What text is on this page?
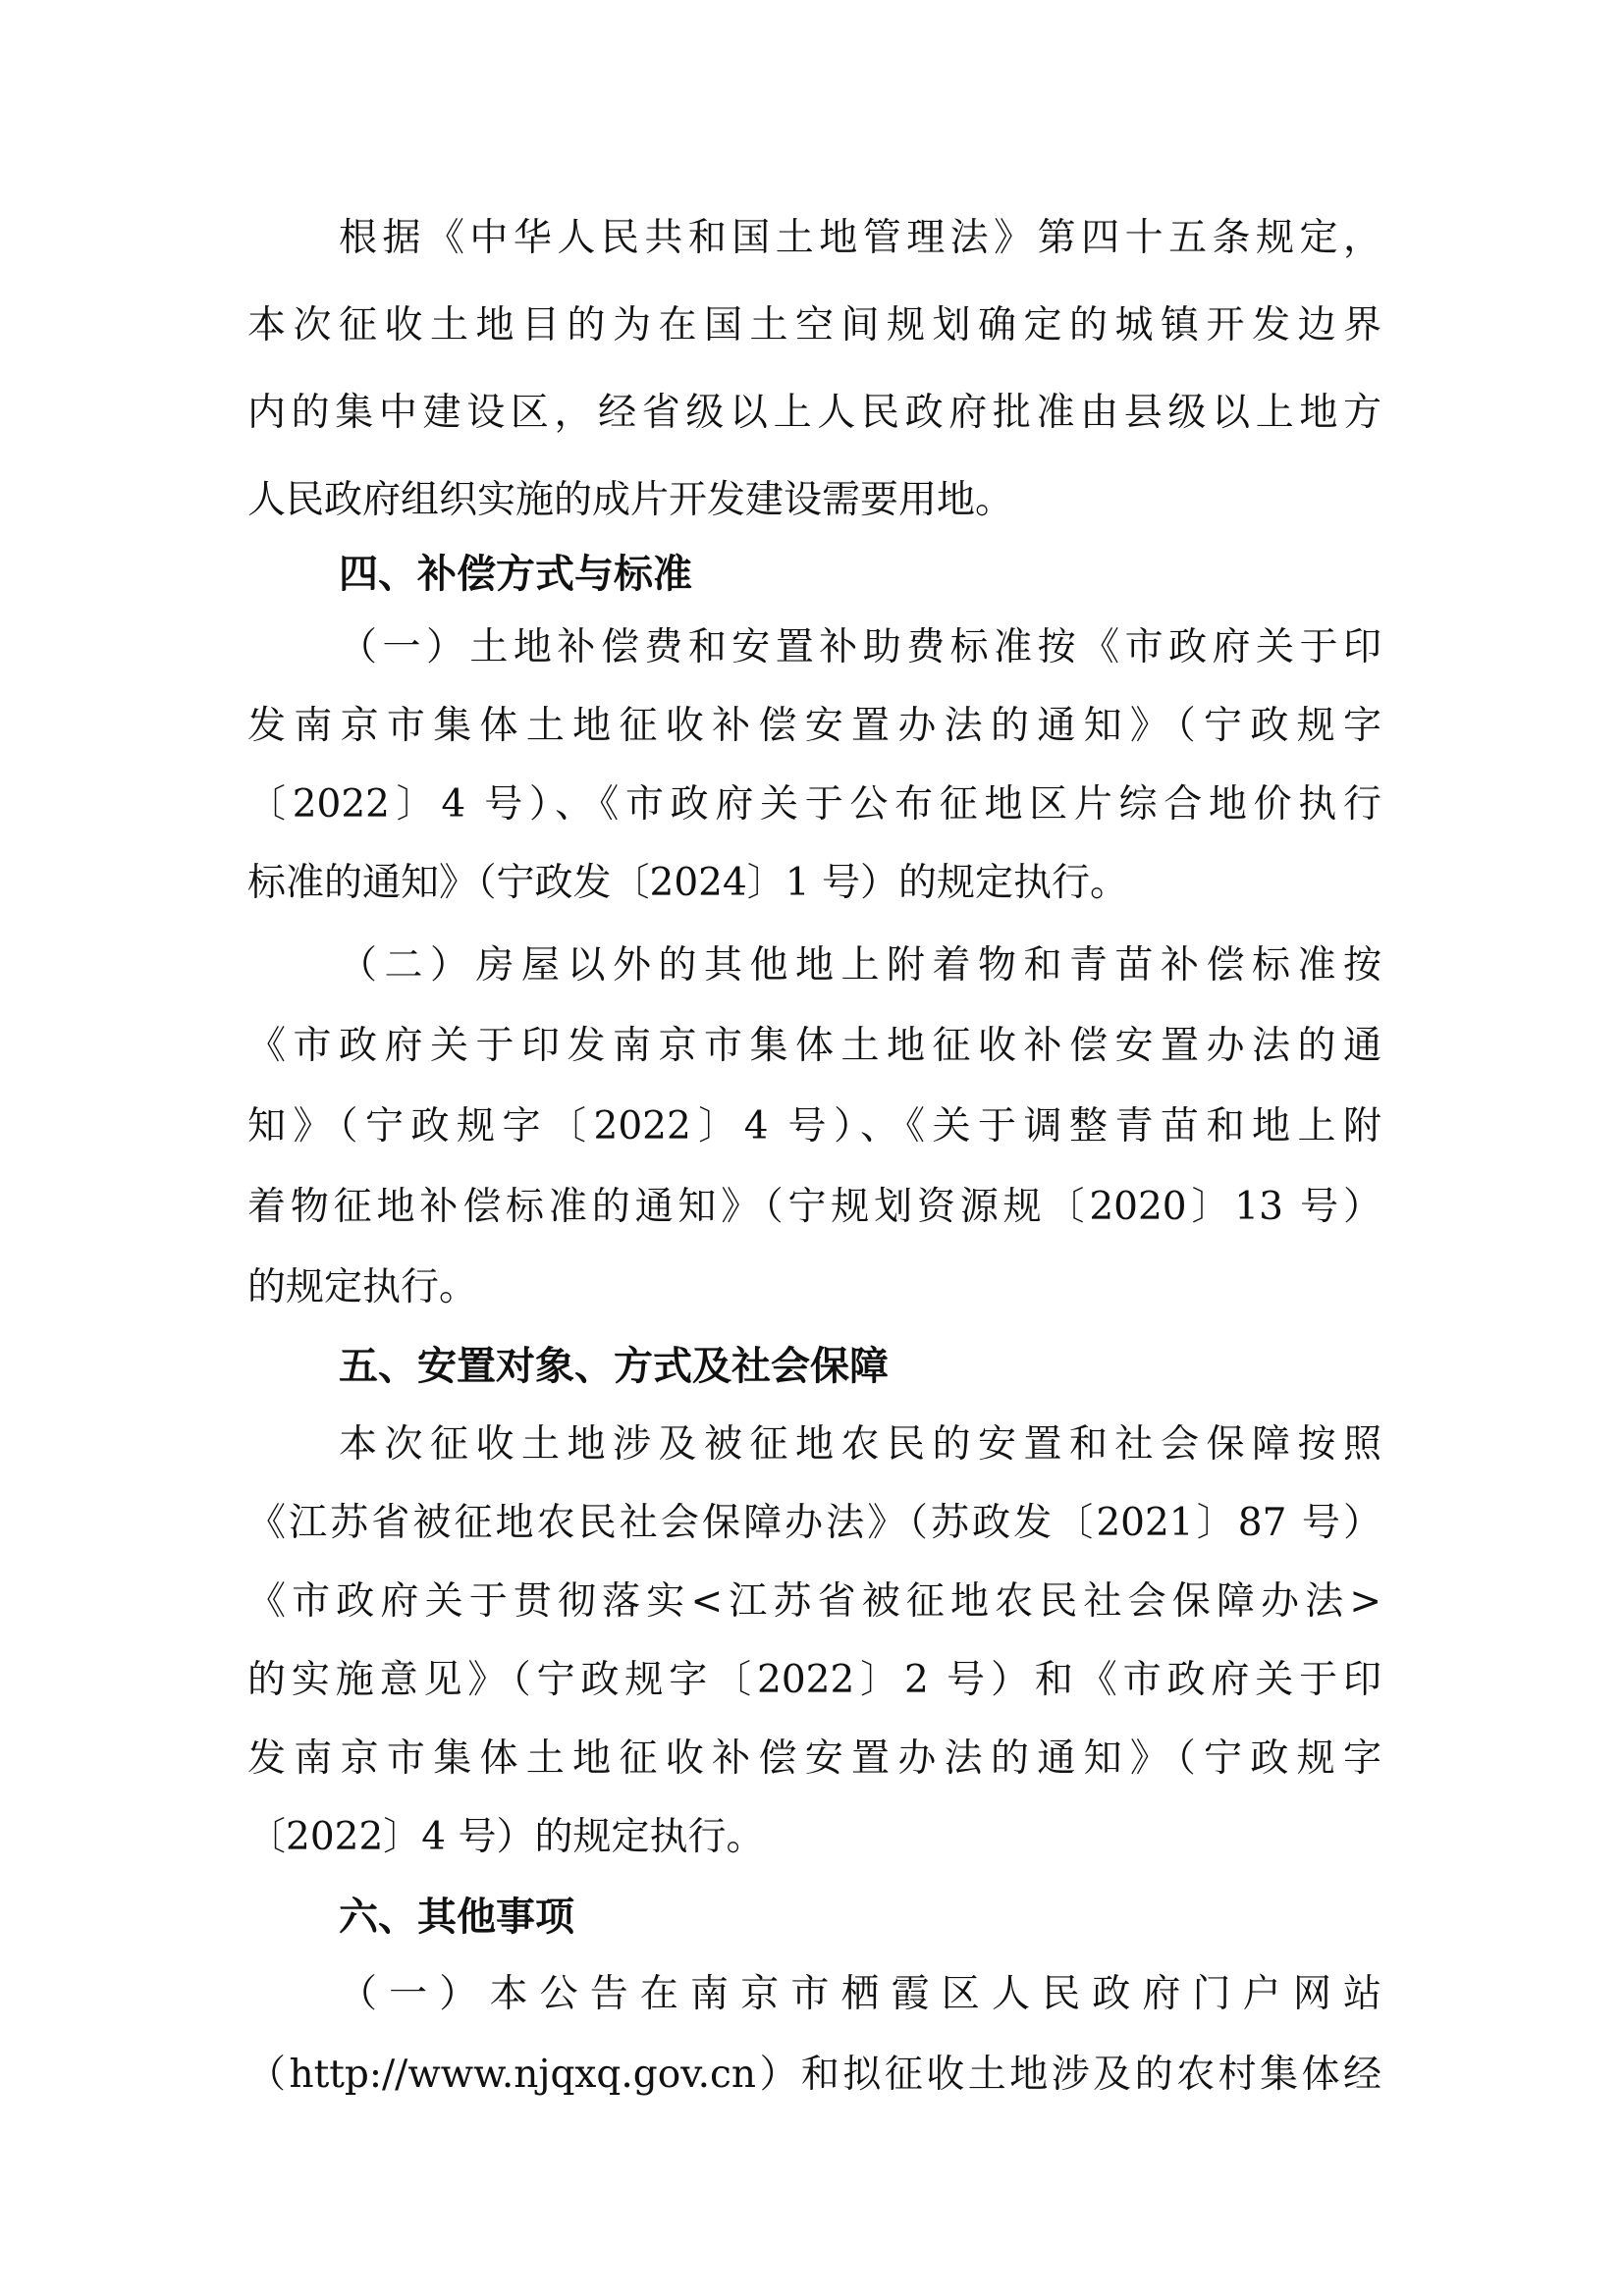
根据《中华人民共和国土地管理法》第四十五条规定，
本次征收土地目的为在国土空间规划确定的城镇开发边界
内的集中建设区，经省级以上人民政府批准由县级以上地方
人民政府组织实施的成片开发建设需要用地。
四、补偿方式与标准
（一）土地补偿费和安置补助费标准按《市政府关于印
发南京市集体土地征收补偿安置办法的通知》（宁政规字
〔2022〕4 号）、《市政府关于公布征地区片综合地价执行
标准的通知》（宁政发〔2024〕1 号）的规定执行。
（二）房屋以外的其他地上附着物和青苗补偿标准按
《市政府关于印发南京市集体土地征收补偿安置办法的通
知》（宁政规字〔2022〕4 号）、《关于调整青苗和地上附
着物征地补偿标准的通知》（宁规划资源规〔2020〕13 号）
的规定执行。
五、安置对象、方式及社会保障
本次征收土地涉及被征地农民的安置和社会保障按照
《江苏省被征地农民社会保障办法》（苏政发〔2021〕87 号）
《市政府关于贯彻落实<江苏省被征地农民社会保障办法>
的实施意见》（宁政规字〔2022〕2 号）和《市政府关于印
发南京市集体土地征收补偿安置办法的通知》（宁政规字
〔2022〕4 号）的规定执行。
六、其他事项
（一）本公告在南京市栖霞区人民政府门户网站
（http://www.njqxq.gov.cn）和拟征收土地涉及的农村集体经
